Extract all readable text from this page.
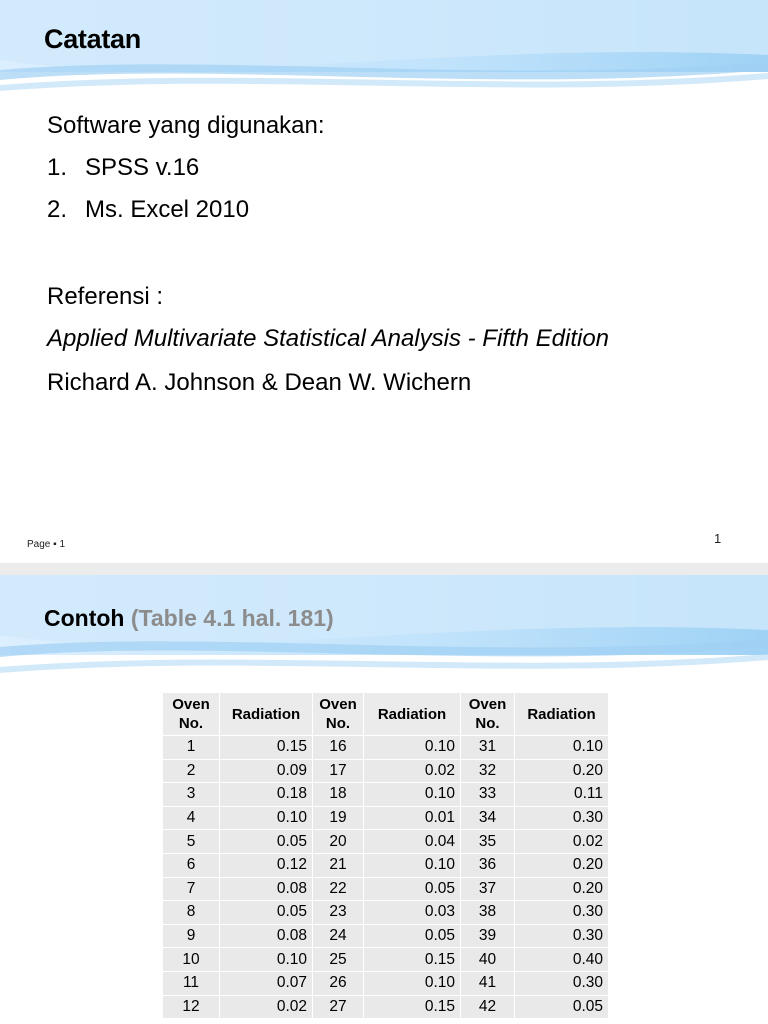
Catatan
Software yang digunakan:
1. SPSS v.16
2. Ms. Excel 2010
Referensi :
Applied Multivariate Statistical Analysis - Fifth Edition
Richard A. Johnson & Dean W. Wichern
Page ▪ 1	1
Contoh (Table 4.1 hal. 181)
Oven No.	Radiation	Oven No.	Radiation	Oven No.	Radiation
1	0.15	16	0.10	31	0.10
2	0.09	17	0.02	32	0.20
3	0.18	18	0.10	33	0.11
4	0.10	19	0.01	34	0.30
5	0.05	20	0.04	35	0.02
6	0.12	21	0.10	36	0.20
7	0.08	22	0.05	37	0.20
8	0.05	23	0.03	38	0.30
9	0.08	24	0.05	39	0.30
10	0.10	25	0.15	40	0.40
11	0.07	26	0.10	41	0.30
12	0.02	27	0.15	42	0.05
